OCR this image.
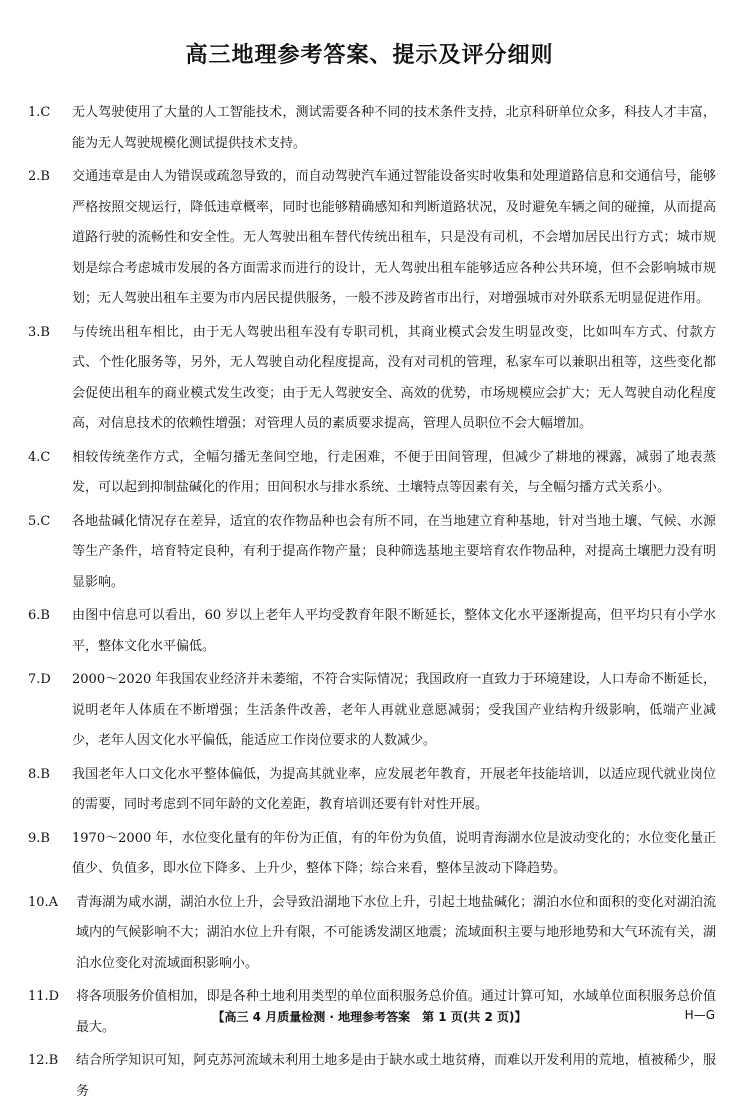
高三地理参考答案、提示及评分细则
1.C	无人驾驶使用了大量的人工智能技术，测试需要各种不同的技术条件支持，北京科研单位众多，科技人才丰富，能为无人驾驶规模化测试提供技术支持。
2.B	交通违章是由人为错误或疏忽导致的，而自动驾驶汽车通过智能设备实时收集和处理道路信息和交通信号，能够严格按照交规运行，降低违章概率，同时也能够精确感知和判断道路状况，及时避免车辆之间的碰撞，从而提高道路行驶的流畅性和安全性。无人驾驶出租车替代传统出租车，只是没有司机，不会增加居民出行方式；城市规划是综合考虑城市发展的各方面需求而进行的设计，无人驾驶出租车能够适应各种公共环境，但不会影响城市规划；无人驾驶出租车主要为市内居民提供服务，一般不涉及跨省市出行，对增强城市对外联系无明显促进作用。
3.B	与传统出租车相比，由于无人驾驶出租车没有专职司机，其商业模式会发生明显改变，比如叫车方式、付款方式、个性化服务等，另外，无人驾驶自动化程度提高，没有对司机的管理，私家车可以兼职出租等，这些变化都会促使出租车的商业模式发生改变；由于无人驾驶安全、高效的优势，市场规模应会扩大；无人驾驶自动化程度高，对信息技术的依赖性增强；对管理人员的素质要求提高，管理人员职位不会大幅增加。
4.C	相较传统垄作方式，全幅匀播无垄间空地，行走困难，不便于田间管理，但减少了耕地的裸露，减弱了地表蒸发，可以起到抑制盐碱化的作用；田间积水与排水系统、土壤特点等因素有关，与全幅匀播方式关系小。
5.C	各地盐碱化情况存在差异，适宜的农作物品种也会有所不同，在当地建立育种基地，针对当地土壤、气候、水源等生产条件，培育特定良种，有利于提高作物产量；良种筛选基地主要培育农作物品种，对提高土壤肥力没有明显影响。
6.B	由图中信息可以看出，60 岁以上老年人平均受教育年限不断延长，整体文化水平逐渐提高，但平均只有小学水平，整体文化水平偏低。
7.D	2000～2020 年我国农业经济并未萎缩，不符合实际情况；我国政府一直致力于环境建设，人口寿命不断延长，说明老年人体质在不断增强；生活条件改善，老年人再就业意愿减弱；受我国产业结构升级影响，低端产业减少，老年人因文化水平偏低，能适应工作岗位要求的人数减少。
8.B	我国老年人口文化水平整体偏低，为提高其就业率，应发展老年教育，开展老年技能培训，以适应现代就业岗位的需要，同时考虑到不同年龄的文化差距，教育培训还要有针对性开展。
9.B	1970～2000 年，水位变化量有的年份为正值，有的年份为负值，说明青海湖水位是波动变化的；水位变化量正值少、负值多，即水位下降多、上升少，整体下降；综合来看，整体呈波动下降趋势。
10.A	青海湖为咸水湖，湖泊水位上升，会导致沿湖地下水位上升，引起土地盐碱化；湖泊水位和面积的变化对湖泊流域内的气候影响不大；湖泊水位上升有限，不可能诱发湖区地震；流域面积主要与地形地势和大气环流有关，湖泊水位变化对流域面积影响小。
11.D	将各项服务价值相加，即是各种土地利用类型的单位面积服务总价值。通过计算可知，水域单位面积服务总价值最大。
12.B	结合所学知识可知，阿克苏河流域未利用土地多是由于缺水或土地贫瘠，而难以开发利用的荒地，植被稀少，服务
【高三 4 月质量检测 · 地理参考答案　第 1 页(共 2 页)】	H—G
